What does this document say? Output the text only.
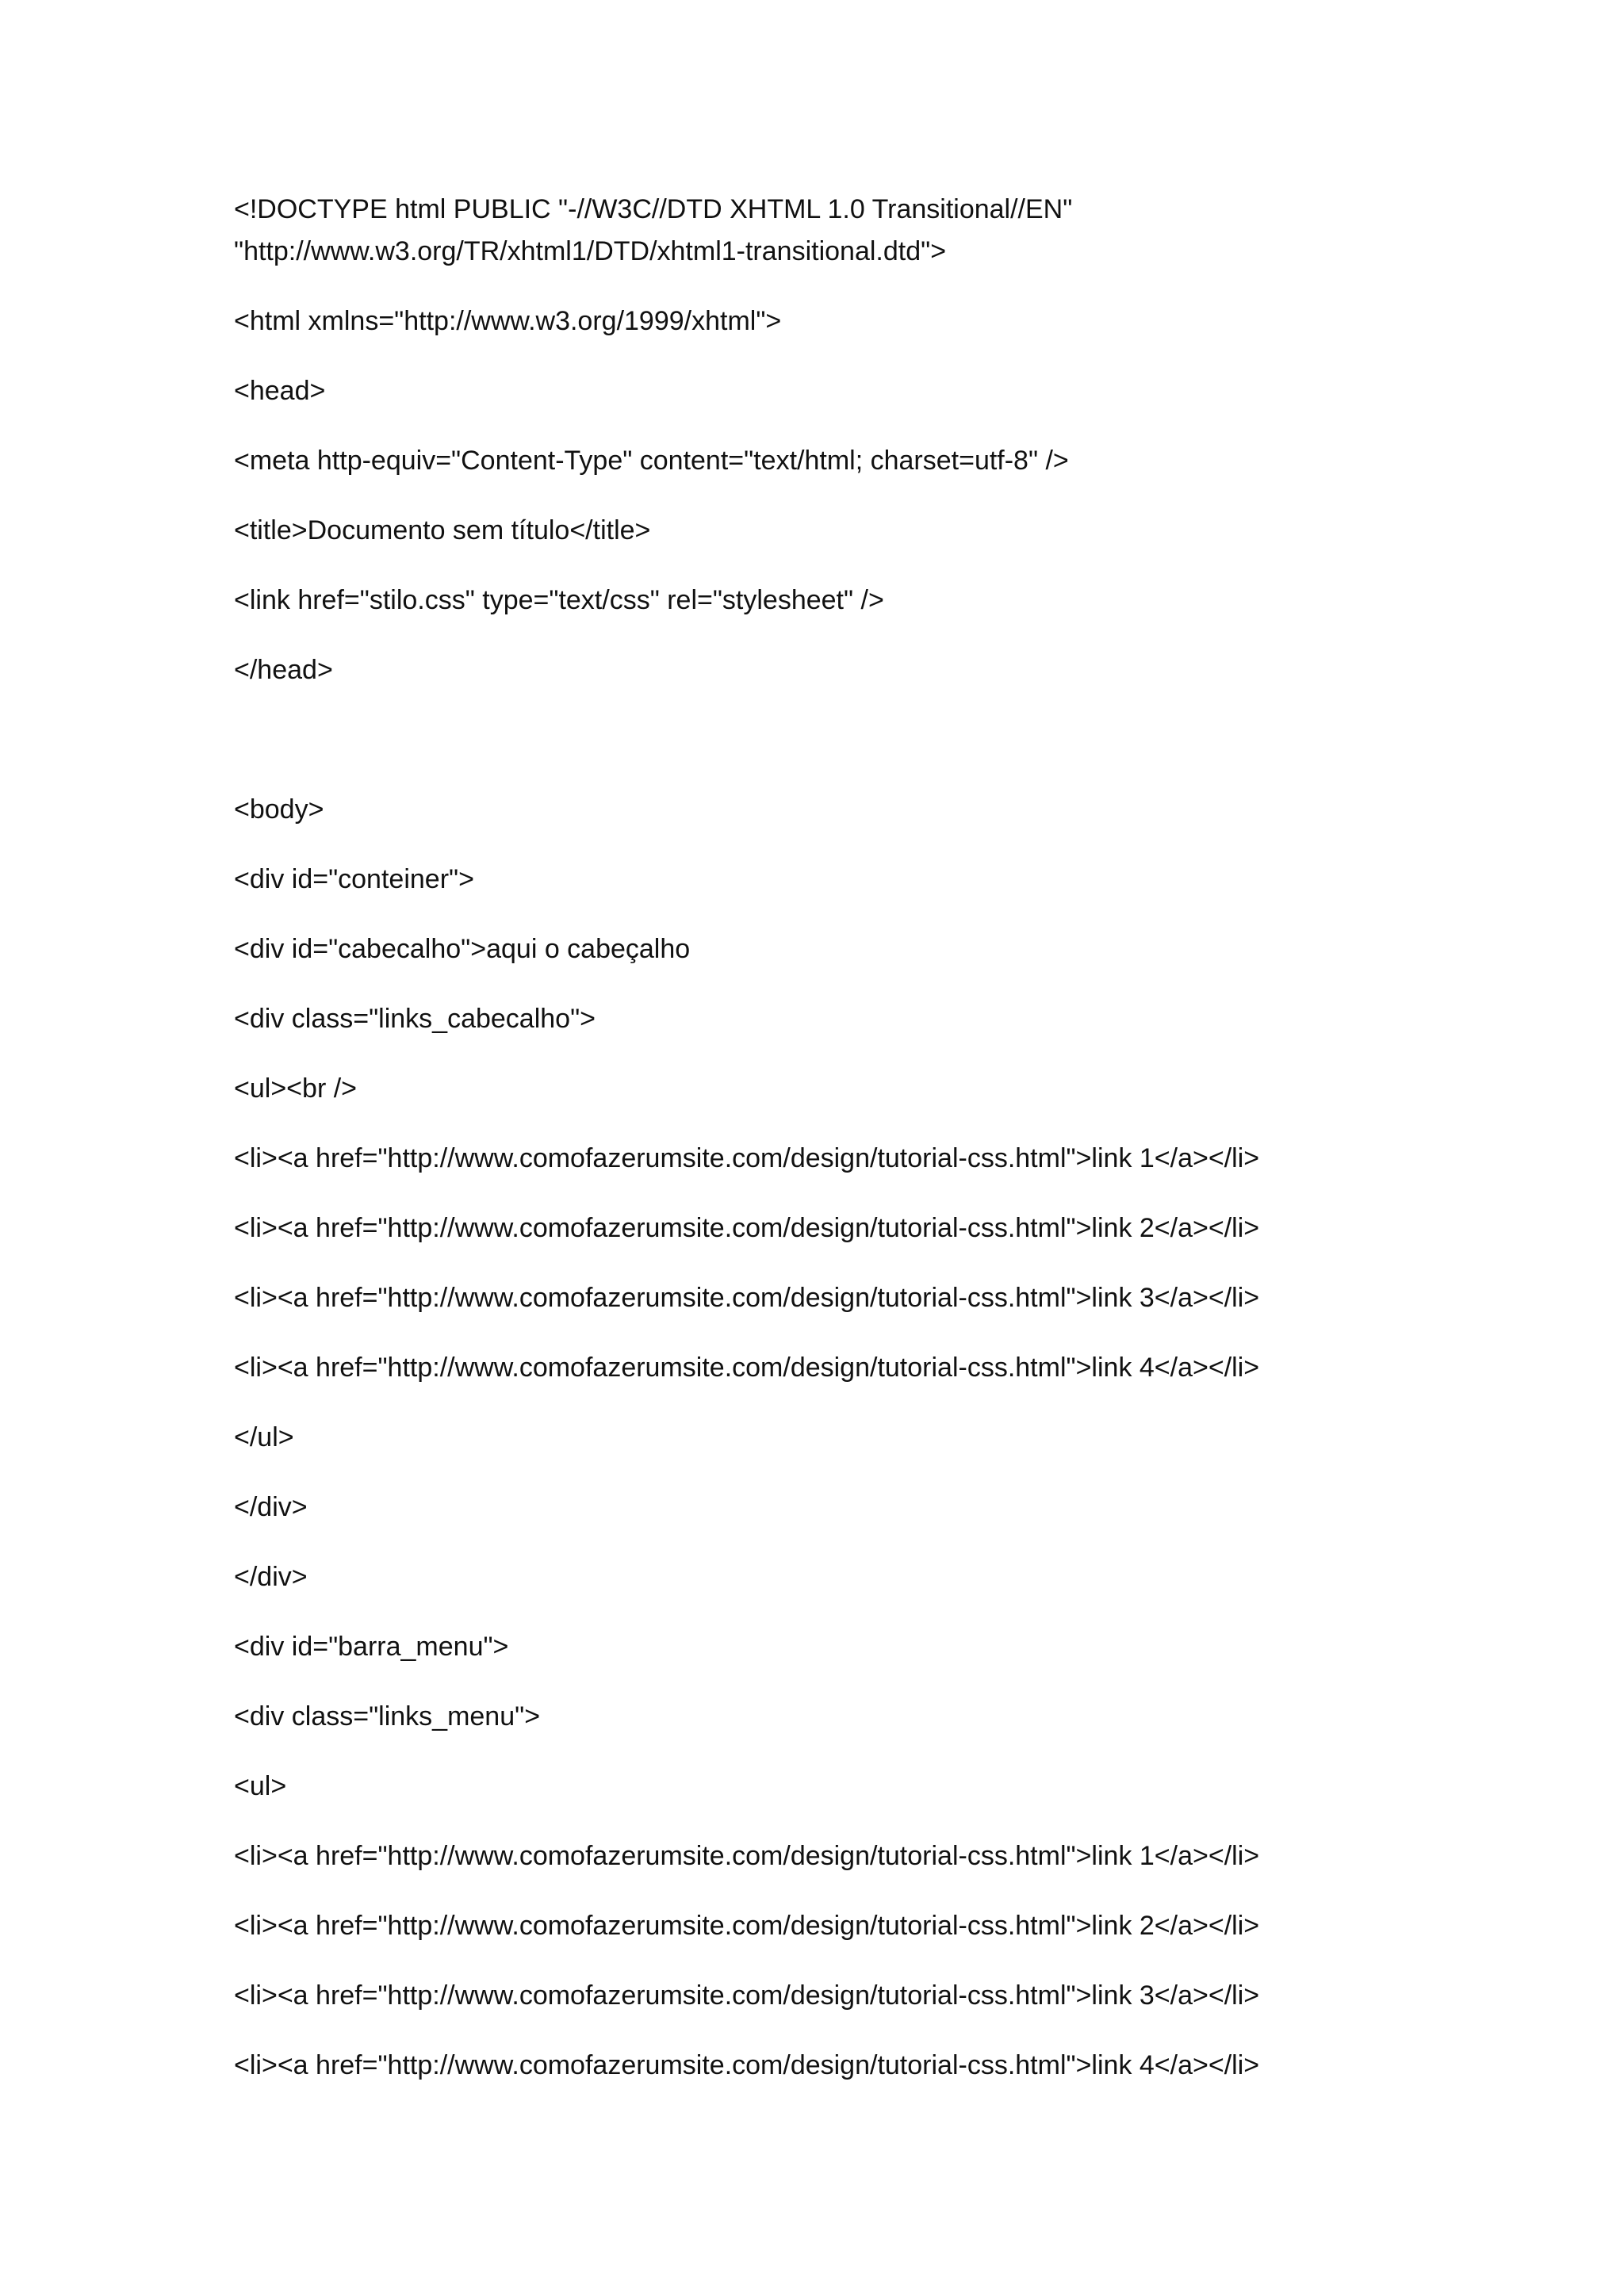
<!DOCTYPE html PUBLIC "-//W3C//DTD XHTML 1.0 Transitional//EN"
"http://www.w3.org/TR/xhtml1/DTD/xhtml1-transitional.dtd">
<html xmlns="http://www.w3.org/1999/xhtml">
<head>
<meta http-equiv="Content-Type" content="text/html; charset=utf-8" />
<title>Documento sem título</title>
<link href="stilo.css" type="text/css" rel="stylesheet" />
</head>
<body>
<div id="conteiner">
<div id="cabecalho">aqui o cabeçalho
<div class="links_cabecalho">
<ul><br />
<li><a href="http://www.comofazerumsite.com/design/tutorial-css.html">link 1</a></li>
<li><a href="http://www.comofazerumsite.com/design/tutorial-css.html">link 2</a></li>
<li><a href="http://www.comofazerumsite.com/design/tutorial-css.html">link 3</a></li>
<li><a href="http://www.comofazerumsite.com/design/tutorial-css.html">link 4</a></li>
</ul>
</div>
</div>
<div id="barra_menu">
<div class="links_menu">
<ul>
<li><a href="http://www.comofazerumsite.com/design/tutorial-css.html">link 1</a></li>
<li><a href="http://www.comofazerumsite.com/design/tutorial-css.html">link 2</a></li>
<li><a href="http://www.comofazerumsite.com/design/tutorial-css.html">link 3</a></li>
<li><a href="http://www.comofazerumsite.com/design/tutorial-css.html">link 4</a></li>
